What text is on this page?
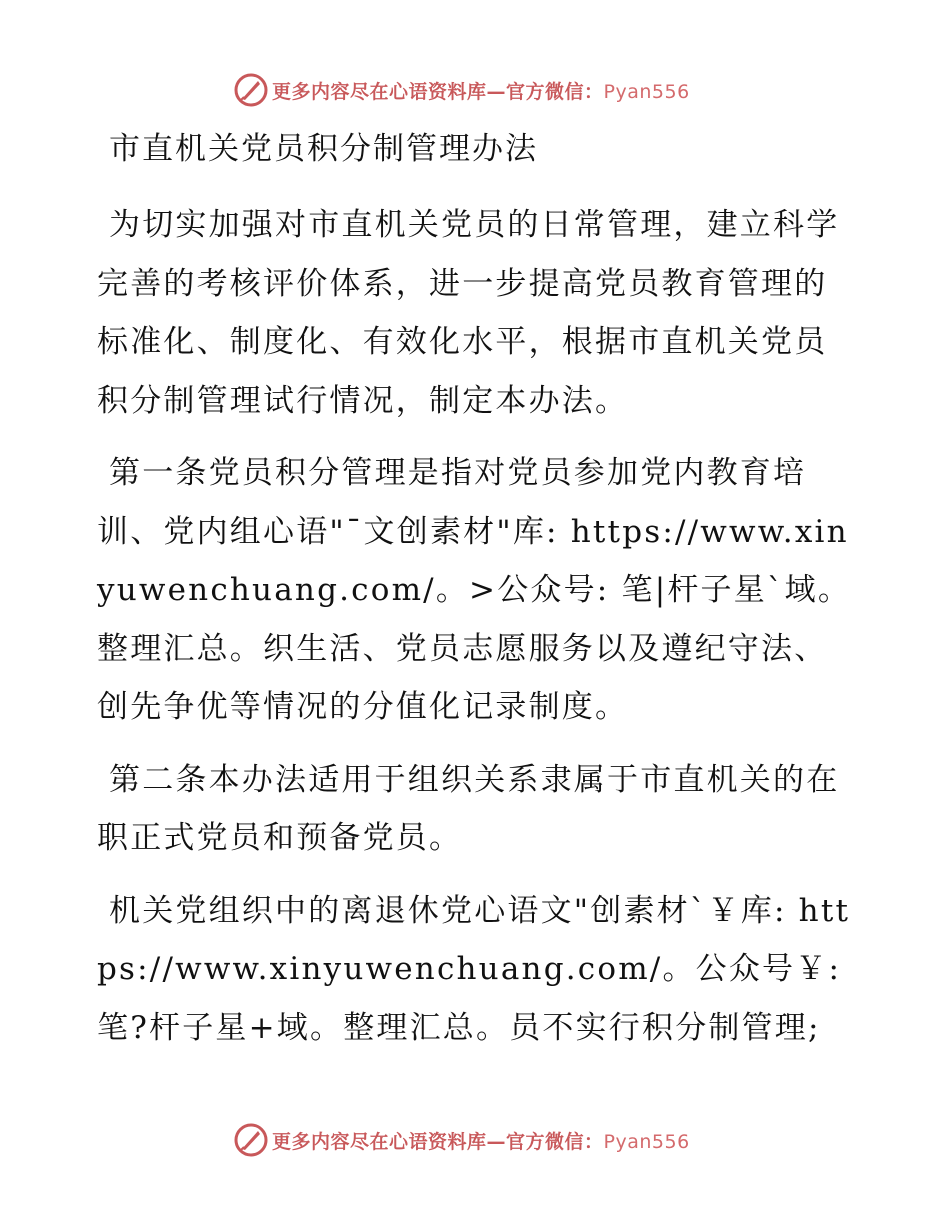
更多内容尽在心语资料库—官方微信：Pyan556
市直机关党员积分制管理办法

为切实加强对市直机关党员的日常管理，建立科学完善的考核评价体系，进一步提高党员教育管理的标准化、制度化、有效化水平，根据市直机关党员积分制管理试行情况，制定本办法。

第一条党员积分管理是指对党员参加党内教育培训、党内组心语"¯文创素材"库: https://www.xinyuwenchuang.com/。>公众号: 笔|杆子星`域。整理汇总。织生活、党员志愿服务以及遵纪守法、创先争优等情况的分值化记录制度。

第二条本办法适用于组织关系隶属于市直机关的在职正式党员和预备党员。

机关党组织中的离退休党心语文"创素材`￥库: https://www.xinyuwenchuang.com/。公众号￥: 笔?杆子星+域。整理汇总。员不实行积分制管理;

更多内容尽在心语资料库—官方微信：Pyan556
